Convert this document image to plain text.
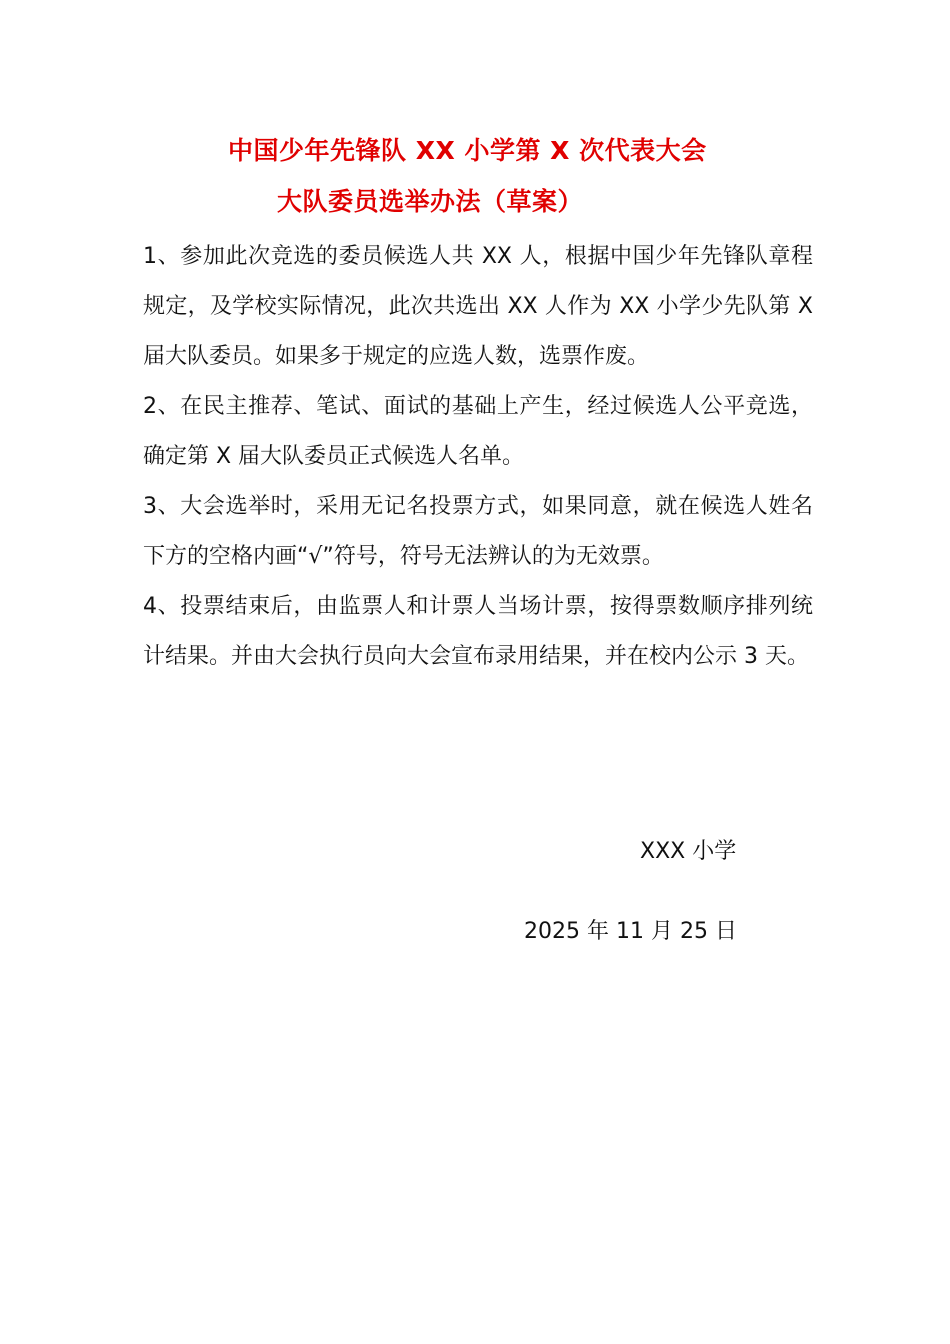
中国少年先锋队 XX 小学第 X 次代表大会
大队委员选举办法（草案）

1、参加此次竞选的委员候选人共 XX 人，根据中国少年先锋队章程规定，及学校实际情况，此次共选出 XX 人作为 XX 小学少先队第 X 届大队委员。如果多于规定的应选人数，选票作废。

2、在民主推荐、笔试、面试的基础上产生，经过候选人公平竞选，确定第 X 届大队委员正式候选人名单。

3、大会选举时，采用无记名投票方式，如果同意，就在候选人姓名下方的空格内画“√”符号，符号无法辨认的为无效票。

4、投票结束后，由监票人和计票人当场计票，按得票数顺序排列统计结果。并由大会执行员向大会宣布录用结果，并在校内公示 3 天。

XXX 小学
2025 年 11 月 25 日
